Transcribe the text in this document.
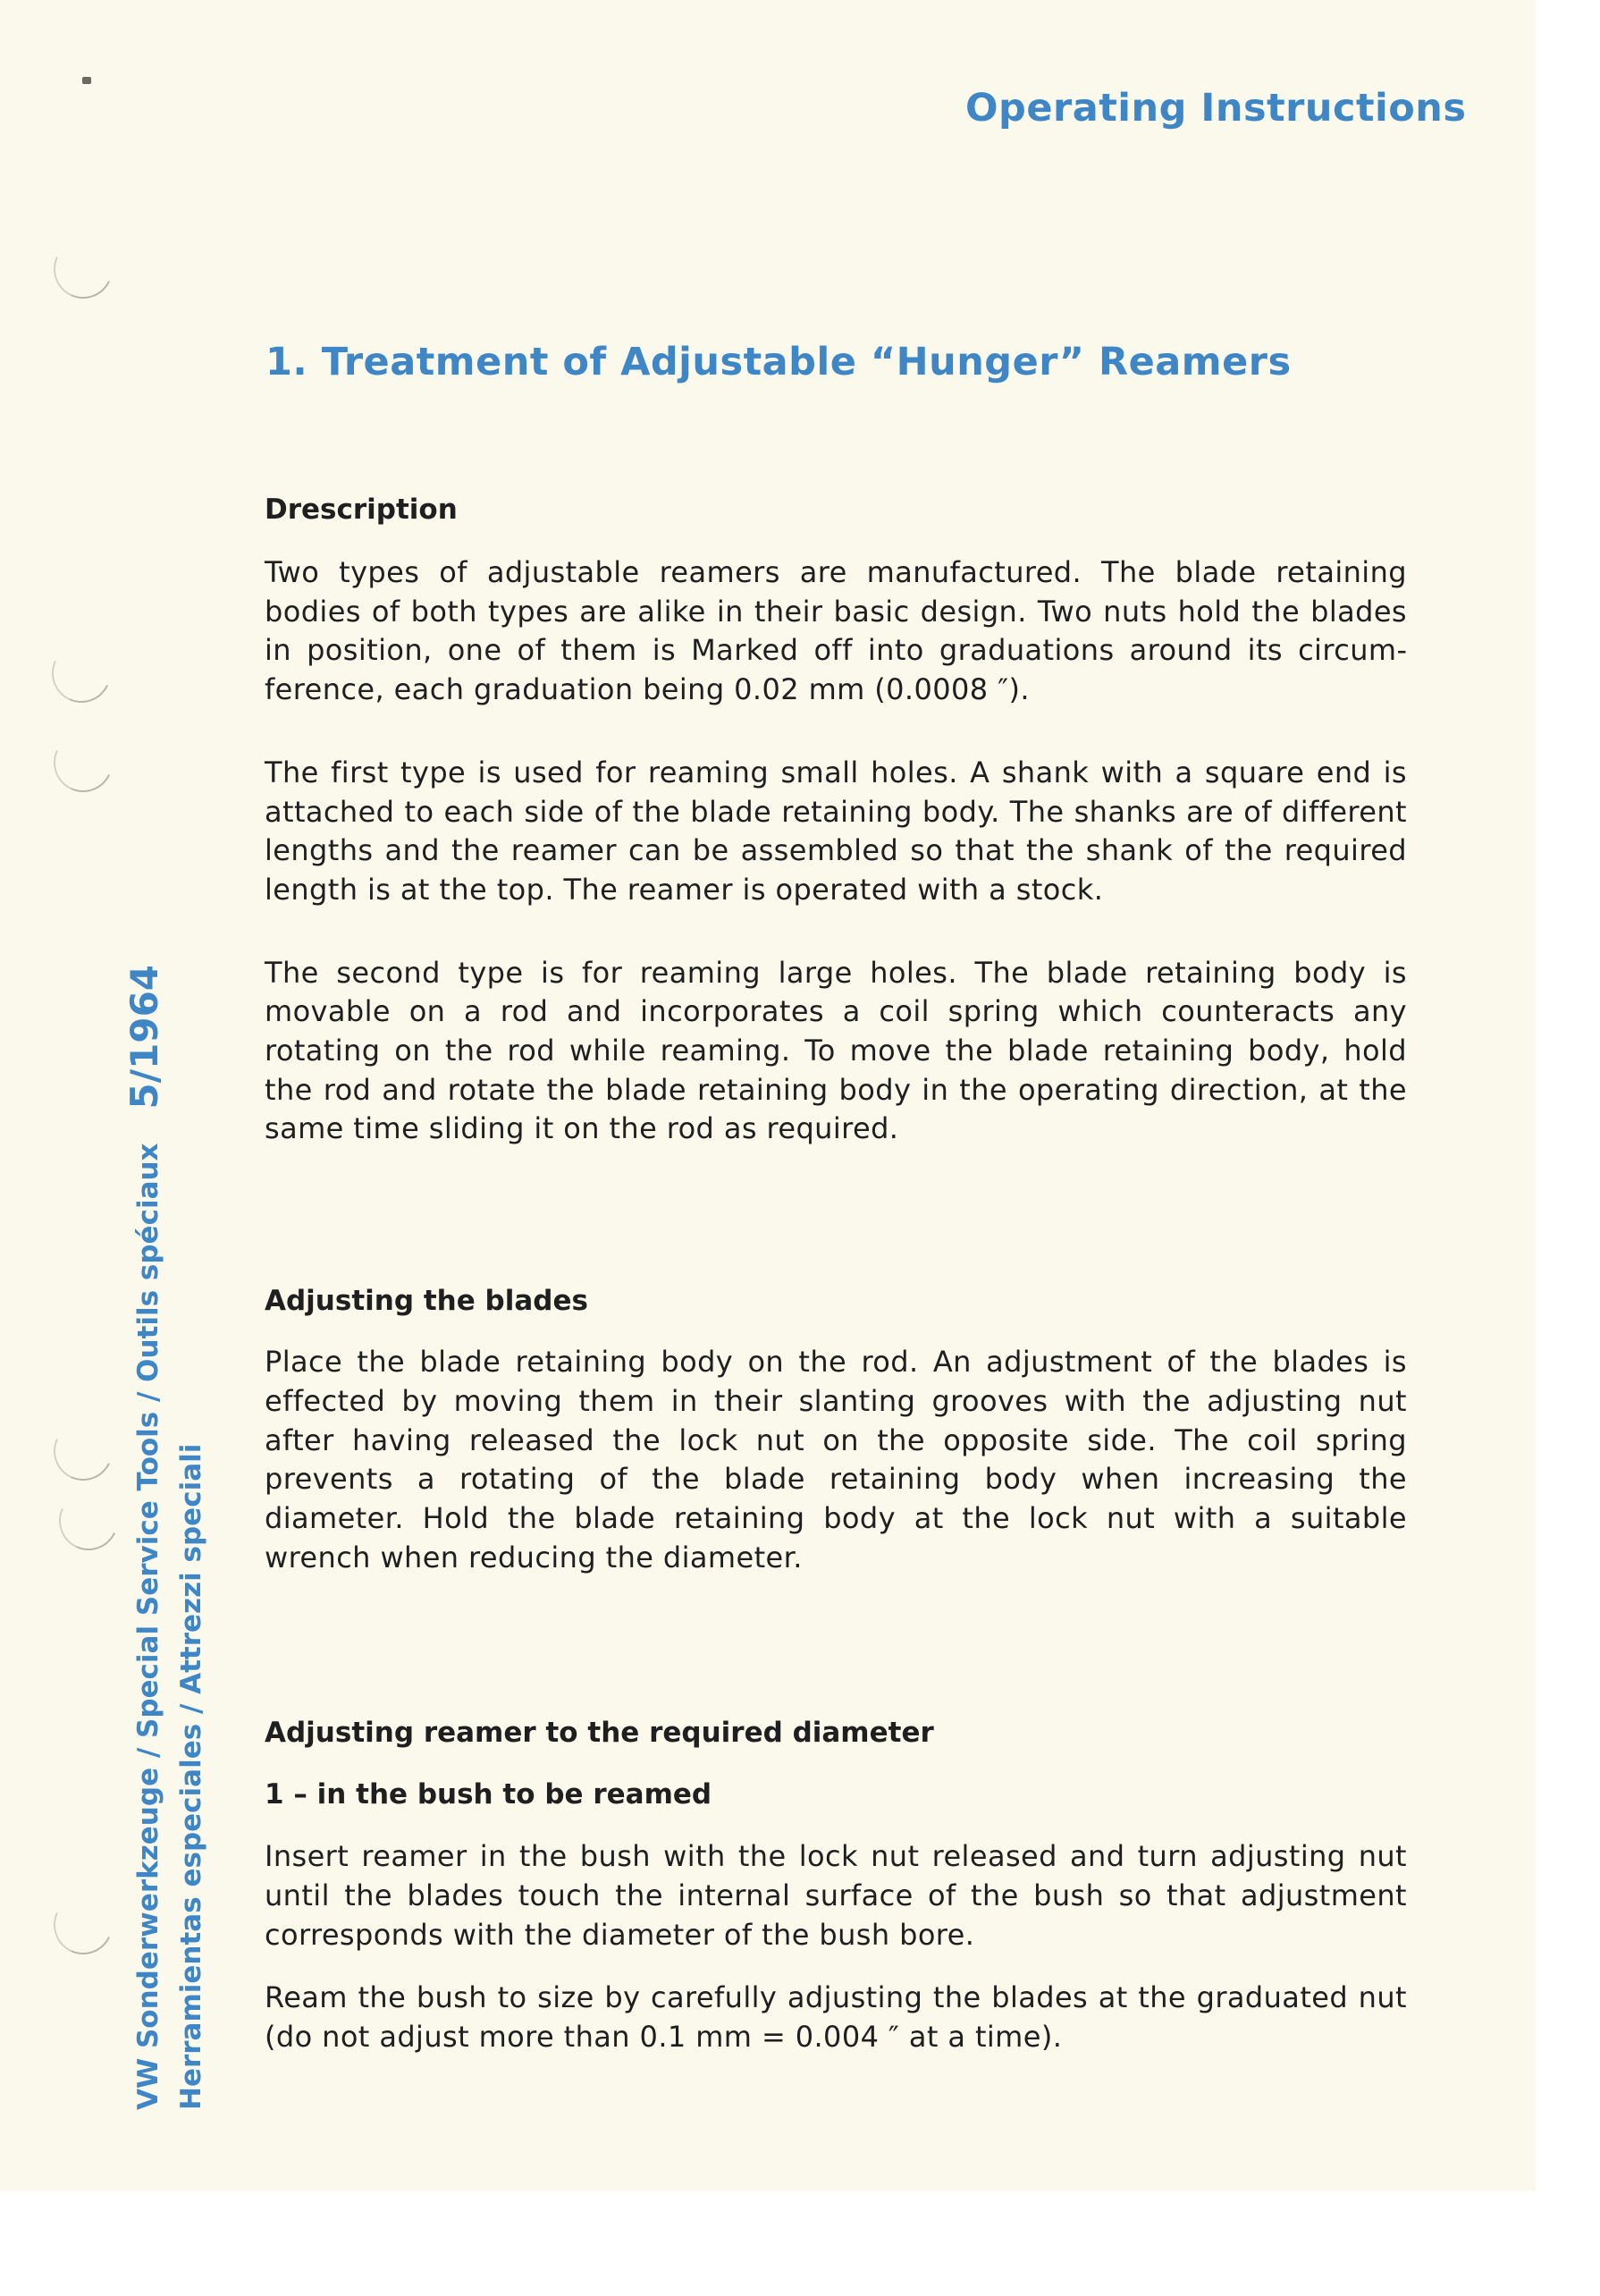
Operating Instructions
1. Treatment of Adjustable “Hunger” Reamers
Drescription

Two types of adjustable reamers are manufactured. The blade retaining bodies of both types are alike in their basic design. Two nuts hold the blades in position, one of them is Marked off into graduations around its circumference, each graduation being 0.02 mm (0.0008 ″).

The first type is used for reaming small holes. A shank with a square end is attached to each side of the blade retaining body. The shanks are of different lengths and the reamer can be assembled so that the shank of the required length is at the top. The reamer is operated with a stock.

The second type is for reaming large holes. The blade retaining body is movable on a rod and incorporates a coil spring which counteracts any rotating on the rod while reaming. To move the blade retaining body, hold the rod and rotate the blade retaining body in the operating direction, at the same time sliding it on the rod as required.

Adjusting the blades

Place the blade retaining body on the rod. An adjustment of the blades is effected by moving them in their slanting grooves with the adjusting nut after having released the lock nut on the opposite side. The coil spring prevents a rotating of the blade retaining body when increasing the diameter. Hold the blade retaining body at the lock nut with a suitable wrench when reducing the diameter.

Adjusting reamer to the required diameter
1 – in the bush to be reamed

Insert reamer in the bush with the lock nut released and turn adjusting nut until the blades touch the internal surface of the bush so that adjustment corresponds with the diameter of the bush bore.

Ream the bush to size by carefully adjusting the blades at the graduated nut (do not adjust more than 0.1 mm = 0.004 ″ at a time).

VW Sonderwerkzeuge / Special Service Tools / Outils spéciaux5/1964
Herramientas especiales / Attrezzi speciali
